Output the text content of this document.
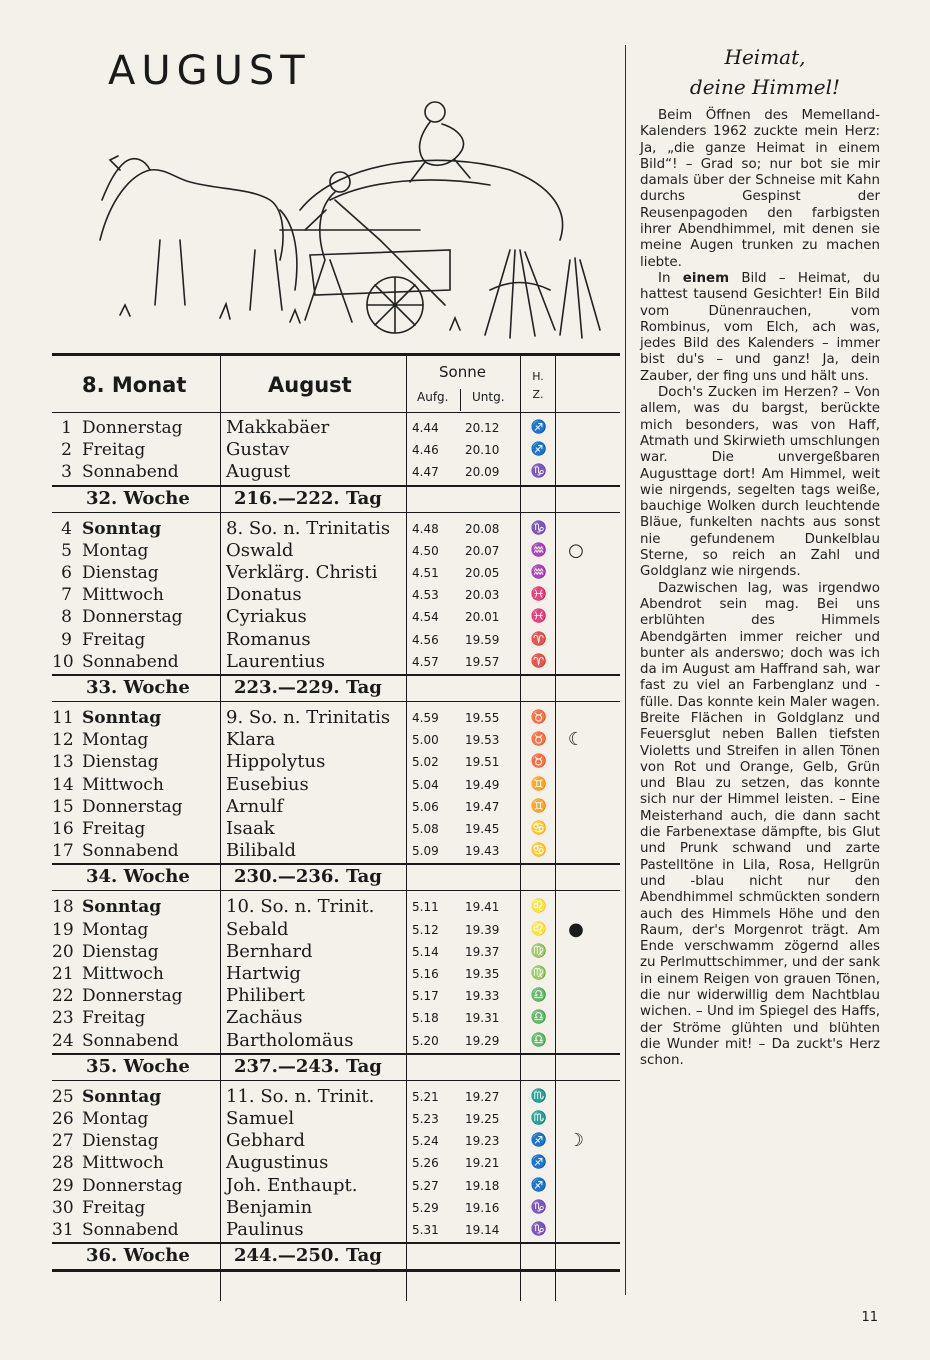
AUGUST
8. Monat	August
Sonne
Aufg. Untg.
H.
Z.
1 Donnerstag Makkabäer	4.44 20.12 ♐
2 Freitag	Gustav	4.46 20.10 ♐
3 Sonnabend	August	4.47 20.09 ♑
32. Woche 216.—222. Tag
4 Sonntag	8. So. n. Trinitatis 4.48 20.08 ♑
5 Montag	Oswald	4.50 20.07 ♒ ○
6 Dienstag	Verklärg. Christi	4.51 20.05 ♒
7 Mittwoch	Donatus	4.53 20.03 ♓
8 Donnerstag Cyriakus	4.54 20.01 ♓
9 Freitag	Romanus	4.56 19.59 ♈
10 Sonnabend	Laurentius	4.57 19.57 ♈
33. Woche 223.—229. Tag
11 Sonntag	9. So. n. Trinitatis 4.59 19.55 ♉
12 Montag	Klara	5.00 19.53 ♉ ☾
13 Dienstag	Hippolytus	5.02 19.51 ♉
14 Mittwoch	Eusebius	5.04 19.49 ♊
15 Donnerstag Arnulf	5.06 19.47 ♊
16 Freitag	Isaak	5.08 19.45 ♋
17 Sonnabend	Bilibald	5.09 19.43 ♋
34. Woche 230.—236. Tag
18 Sonntag	10. So. n. Trinit.	5.11 19.41 ♌
19 Montag	Sebald	5.12 19.39 ♌ ●
20 Dienstag	Bernhard	5.14 19.37 ♍
21 Mittwoch	Hartwig	5.16 19.35 ♍
22 Donnerstag Philibert	5.17 19.33 ♎
23 Freitag	Zachäus	5.18 19.31 ♎
24 Sonnabend	Bartholomäus	5.20 19.29 ♎
35. Woche 237.—243. Tag
25 Sonntag	11. So. n. Trinit.	5.21 19.27 ♏
26 Montag	Samuel	5.23 19.25 ♏
27 Dienstag	Gebhard	5.24 19.23 ♐ ☽
28 Mittwoch	Augustinus	5.26 19.21 ♐
29 Donnerstag Joh. Enthaupt.	5.27 19.18 ♐
30 Freitag	Benjamin	5.29 19.16 ♑
31 Sonnabend	Paulinus	5.31 19.14 ♑
36. Woche 244.—250. Tag
Heimat,
deine Himmel!

Beim Öffnen des Memelland-Kalenders 1962 zuckte mein Herz: Ja, „die ganze Heimat in einem Bild“! – Grad so; nur bot sie mir damals über der Schneise mit Kahn durchs Gespinst der Reusenpagoden den farbigsten ihrer Abendhimmel, mit denen sie meine Augen trunken zu machen liebte.

In einem Bild – Heimat, du hattest tausend Gesichter! Ein Bild vom Dünenrauchen, vom Rombinus, vom Elch, ach was, jedes Bild des Kalenders – immer bist du's – und ganz! Ja, dein Zauber, der fing uns und hält uns.

Doch's Zucken im Herzen? – Von allem, was du bargst, berückte mich besonders, was von Haff, Atmath und Skirwieth umschlungen war. Die unvergeßbaren Augusttage dort! Am Himmel, weit wie nirgends, segelten tags weiße, bauchige Wolken durch leuchtende Bläue, funkelten nachts aus sonst nie gefundenem Dunkelblau Sterne, so reich an Zahl und Goldglanz wie nirgends.

Dazwischen lag, was irgendwo Abendrot sein mag. Bei uns erblühten des Himmels Abendgärten immer reicher und bunter als anderswo; doch was ich da im August am Haffrand sah, war fast zu viel an Farbenglanz und -fülle. Das konnte kein Maler wagen. Breite Flächen in Goldglanz und Feuersglut neben Ballen tiefsten Violetts und Streifen in allen Tönen von Rot und Orange, Gelb, Grün und Blau zu setzen, das konnte sich nur der Himmel leisten. – Eine Meisterhand auch, die dann sacht die Farbenextase dämpfte, bis Glut und Prunk schwand und zarte Pastelltöne in Lila, Rosa, Hellgrün und -blau nicht nur den Abendhimmel schmückten sondern auch des Himmels Höhe und den Raum, der's Morgenrot trägt. Am Ende verschwamm zögernd alles zu Perlmuttschimmer, und der sank in einem Reigen von grauen Tönen, die nur widerwillig dem Nachtblau wichen. – Und im Spiegel des Haffs, der Ströme glühten und blühten die Wunder mit! – Da zuckt's Herz schon.

11
